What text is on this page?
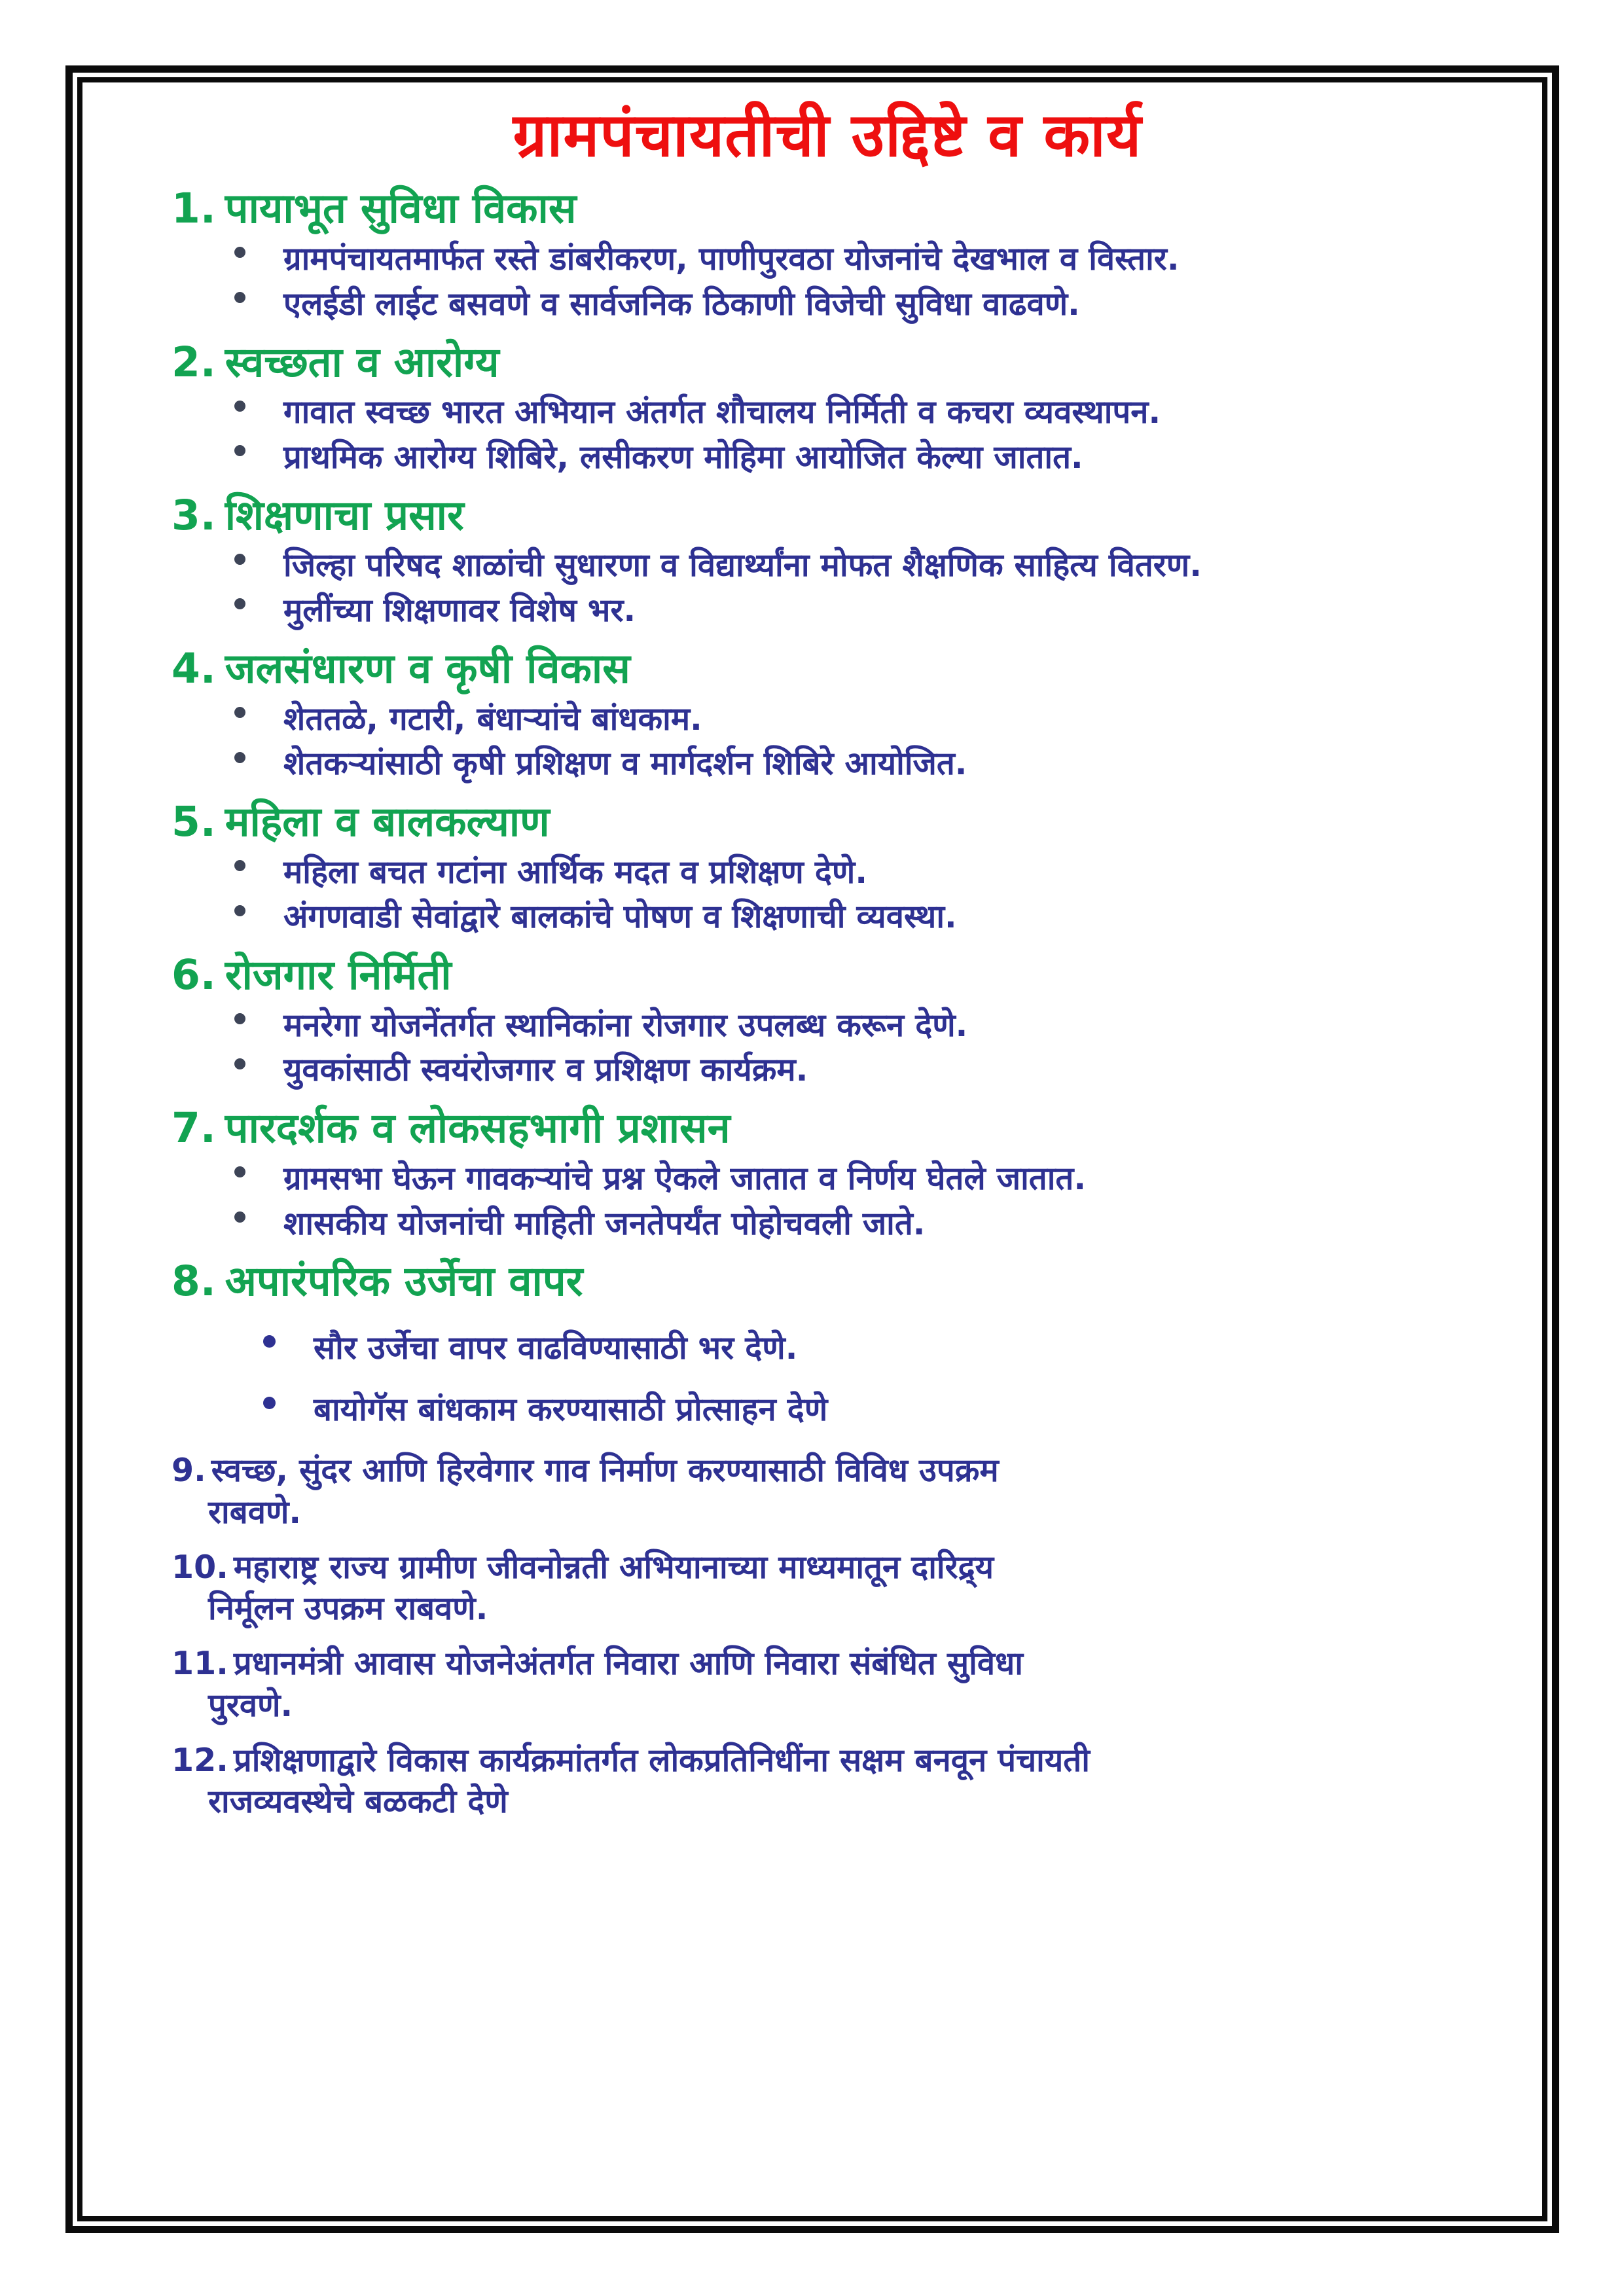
ग्रामपंचायतीची उद्दिष्टे व कार्य
1. पायाभूत सुविधा विकास
ग्रामपंचायतमार्फत रस्ते डांबरीकरण, पाणीपुरवठा योजनांचे देखभाल व विस्तार.
एलईडी लाईट बसवणे व सार्वजनिक ठिकाणी विजेची सुविधा वाढवणे.
2. स्वच्छता व आरोग्य
गावात स्वच्छ भारत अभियान अंतर्गत शौचालय निर्मिती व कचरा व्यवस्थापन.
प्राथमिक आरोग्य शिबिरे, लसीकरण मोहिमा आयोजित केल्या जातात.
3. शिक्षणाचा प्रसार
जिल्हा परिषद शाळांची सुधारणा व विद्यार्थ्यांना मोफत शैक्षणिक साहित्य वितरण.
मुलींच्या शिक्षणावर विशेष भर.
4. जलसंधारण व कृषी विकास
शेततळे, गटारी, बंधाऱ्यांचे बांधकाम.
शेतकऱ्यांसाठी कृषी प्रशिक्षण व मार्गदर्शन शिबिरे आयोजित.
5. महिला व बालकल्याण
महिला बचत गटांना आर्थिक मदत व प्रशिक्षण देणे.
अंगणवाडी सेवांद्वारे बालकांचे पोषण व शिक्षणाची व्यवस्था.
6. रोजगार निर्मिती
मनरेगा योजनेंतर्गत स्थानिकांना रोजगार उपलब्ध करून देणे.
युवकांसाठी स्वयंरोजगार व प्रशिक्षण कार्यक्रम.
7. पारदर्शक व लोकसहभागी प्रशासन
ग्रामसभा घेऊन गावकऱ्यांचे प्रश्न ऐकले जातात व निर्णय घेतले जातात.
शासकीय योजनांची माहिती जनतेपर्यंत पोहोचवली जाते.
8. अपारंपरिक उर्जेचा वापर
सौर उर्जेचा वापर वाढविण्यासाठी भर देणे.
बायोगॅस बांधकाम करण्यासाठी प्रोत्साहन देणे
9. स्वच्छ, सुंदर आणि हिरवेगार गाव निर्माण करण्यासाठी विविध उपक्रम
राबवणे.
10. महाराष्ट्र राज्य ग्रामीण जीवनोन्नती अभियानाच्या माध्यमातून दारिद्र्य
निर्मूलन उपक्रम राबवणे.
11. प्रधानमंत्री आवास योजनेअंतर्गत निवारा आणि निवारा संबंधित सुविधा
पुरवणे.
12. प्रशिक्षणाद्वारे विकास कार्यक्रमांतर्गत लोकप्रतिनिधींना सक्षम बनवून पंचायती
राजव्यवस्थेचे बळकटी देणे
